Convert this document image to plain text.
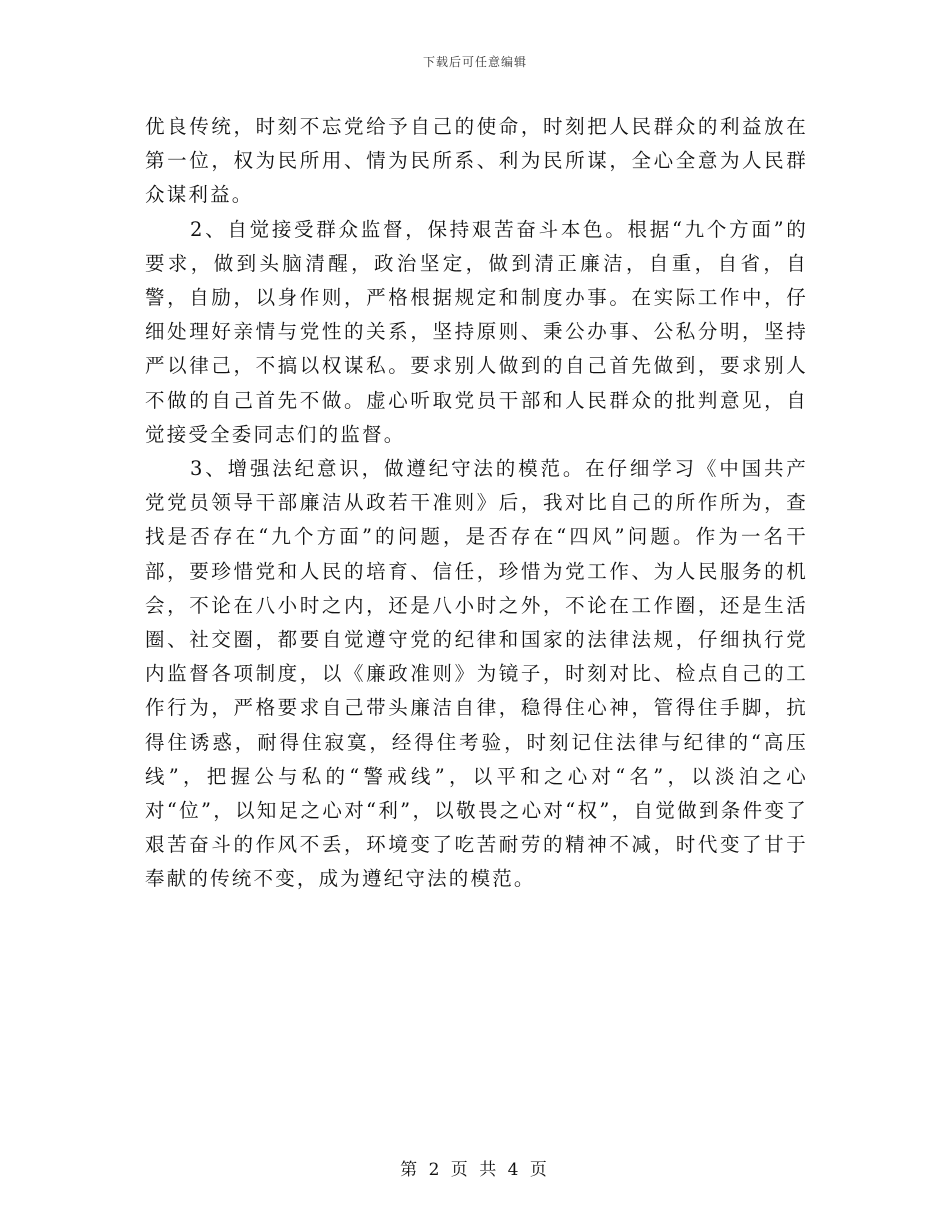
下载后可任意编辑

优良传统，时刻不忘党给予自己的使命，时刻把人民群众的利益放在第一位，权为民所用、情为民所系、利为民所谋，全心全意为人民群众谋利益。

2、自觉接受群众监督，保持艰苦奋斗本色。根据“九个方面”的要求，做到头脑清醒，政治坚定，做到清正廉洁，自重，自省，自警，自励，以身作则，严格根据规定和制度办事。在实际工作中，仔细处理好亲情与党性的关系，坚持原则、秉公办事、公私分明，坚持严以律己，不搞以权谋私。要求别人做到的自己首先做到，要求别人不做的自己首先不做。虚心听取党员干部和人民群众的批判意见，自觉接受全委同志们的监督。

3、增强法纪意识，做遵纪守法的模范。在仔细学习《中国共产党党员领导干部廉洁从政若干准则》后，我对比自己的所作所为，查找是否存在“九个方面”的问题，是否存在“四风”问题。作为一名干部，要珍惜党和人民的培育、信任，珍惜为党工作、为人民服务的机会，不论在八小时之内，还是八小时之外，不论在工作圈，还是生活圈、社交圈，都要自觉遵守党的纪律和国家的法律法规，仔细执行党内监督各项制度，以《廉政准则》为镜子，时刻对比、检点自己的工作行为，严格要求自己带头廉洁自律，稳得住心神，管得住手脚，抗得住诱惑，耐得住寂寞，经得住考验，时刻记住法律与纪律的“高压线”，把握公与私的“警戒线”，以平和之心对“名”，以淡泊之心对“位”，以知足之心对“利”，以敬畏之心对“权”，自觉做到条件变了艰苦奋斗的作风不丢，环境变了吃苦耐劳的精神不减，时代变了甘于奉献的传统不变，成为遵纪守法的模范。

第 2 页 共 4 页
